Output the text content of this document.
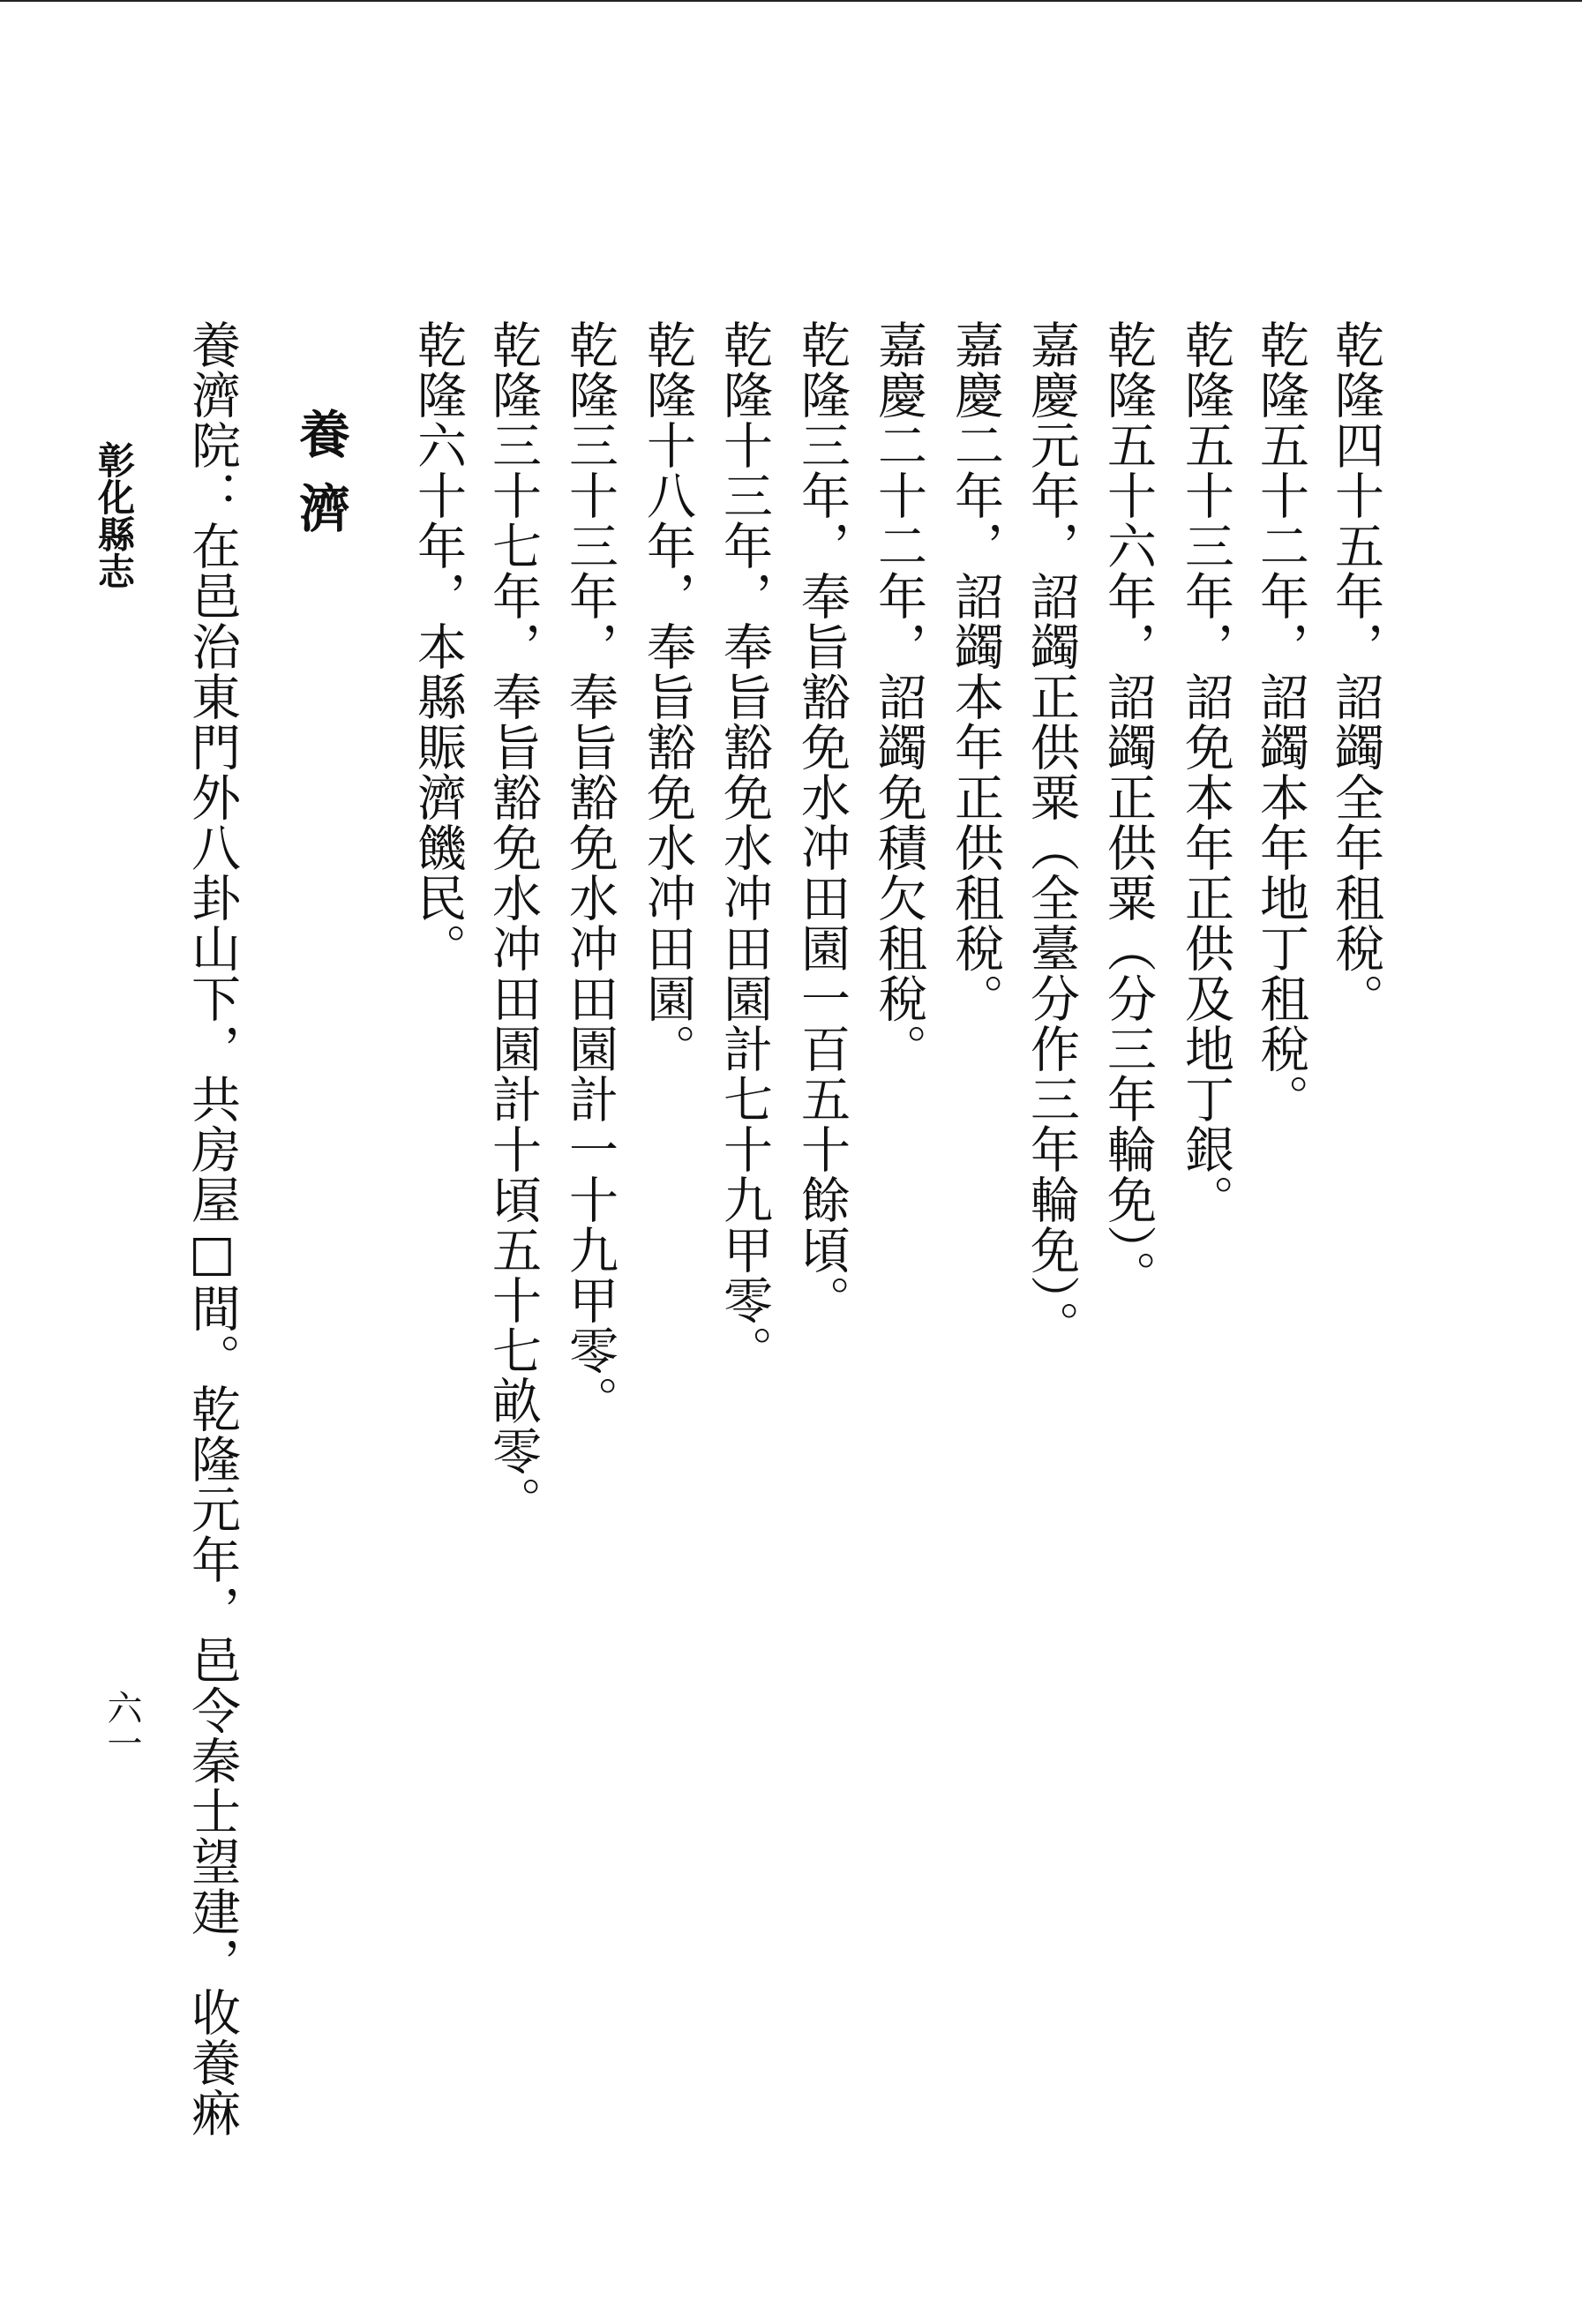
乾隆四十五年，詔蠲全年租稅。
乾隆五十二年，詔蠲本年地丁租稅。
乾隆五十三年，詔免本年正供及地丁銀。
乾隆五十六年，詔蠲正供粟（分三年輪免）。
嘉慶元年，詔蠲正供粟（全臺分作三年輪免）。
嘉慶二年，詔蠲本年正供租稅。
嘉慶二十二年，詔蠲免積欠租稅。
乾隆三年，奉旨豁免水冲田園一百五十餘頃。
乾隆十三年，奉旨豁免水冲田園計七十九甲零。
乾隆十八年，奉旨豁免水冲田園。
乾隆三十三年，奉旨豁免水冲田園計一十九甲零。
乾隆三十七年，奉旨豁免水冲田園計十頃五十七畝零。
乾隆六十年，本縣賑濟饑民。
養濟
養濟院：在邑治東門外八卦山下，共房屋□間。乾隆元年，邑令秦士望建，收養痳
彰化縣志
六一
